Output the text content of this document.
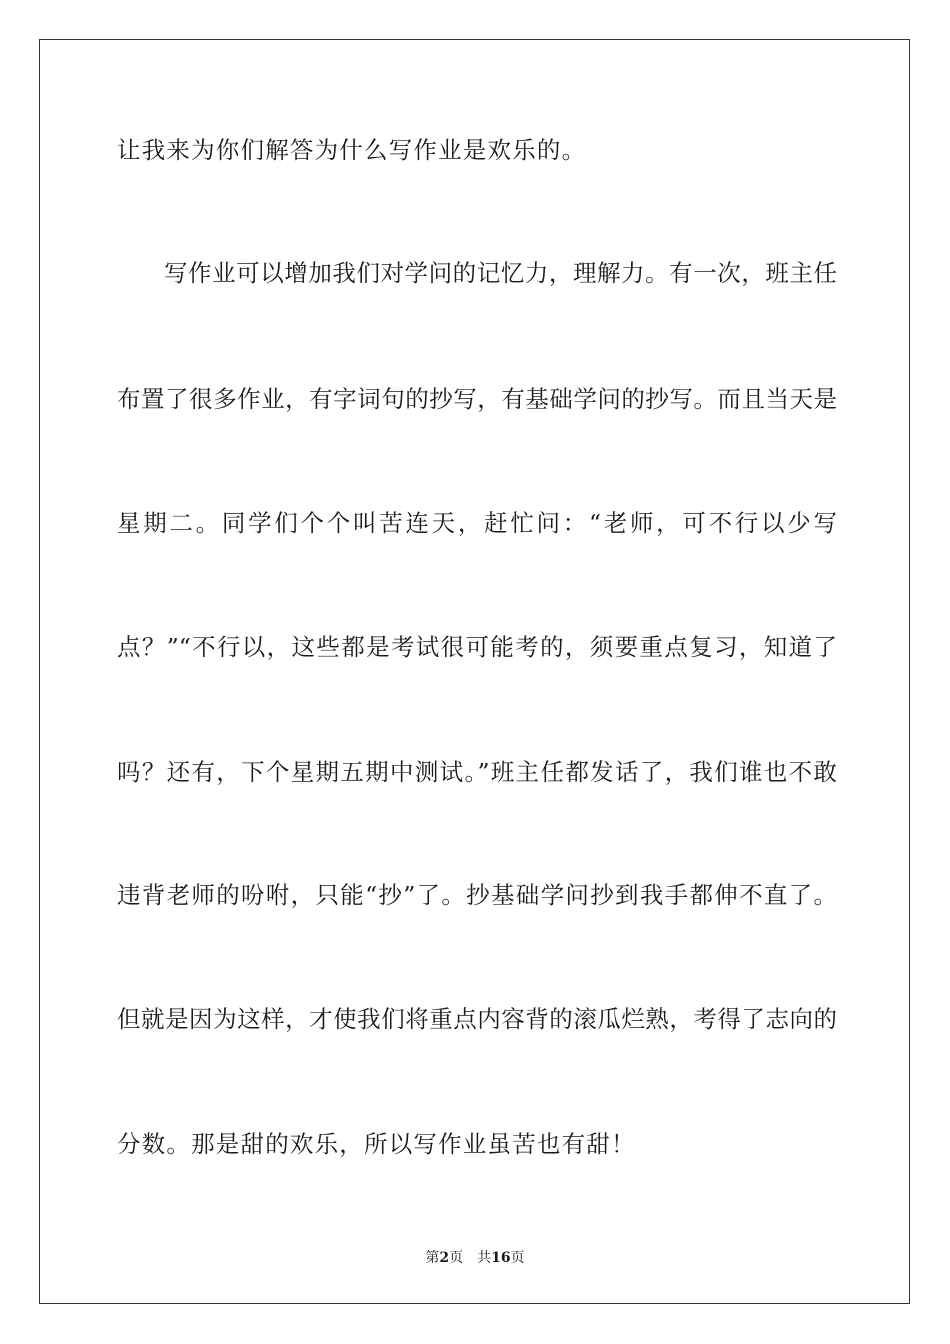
让我来为你们解答为什么写作业是欢乐的。
写作业可以增加我们对学问的记忆力，理解力。有一次，班主任
布置了很多作业，有字词句的抄写，有基础学问的抄写。而且当天是
星期二。同学们个个叫苦连天，赶忙问：“老师，可不行以少写
点？”“不行以，这些都是考试很可能考的，须要重点复习，知道了
吗？还有，下个星期五期中测试。”班主任都发话了，我们谁也不敢
违背老师的吩咐，只能“抄”了。抄基础学问抄到我手都伸不直了。
但就是因为这样，才使我们将重点内容背的滚瓜烂熟，考得了志向的
分数。那是甜的欢乐，所以写作业虽苦也有甜！
第2页 共16页
